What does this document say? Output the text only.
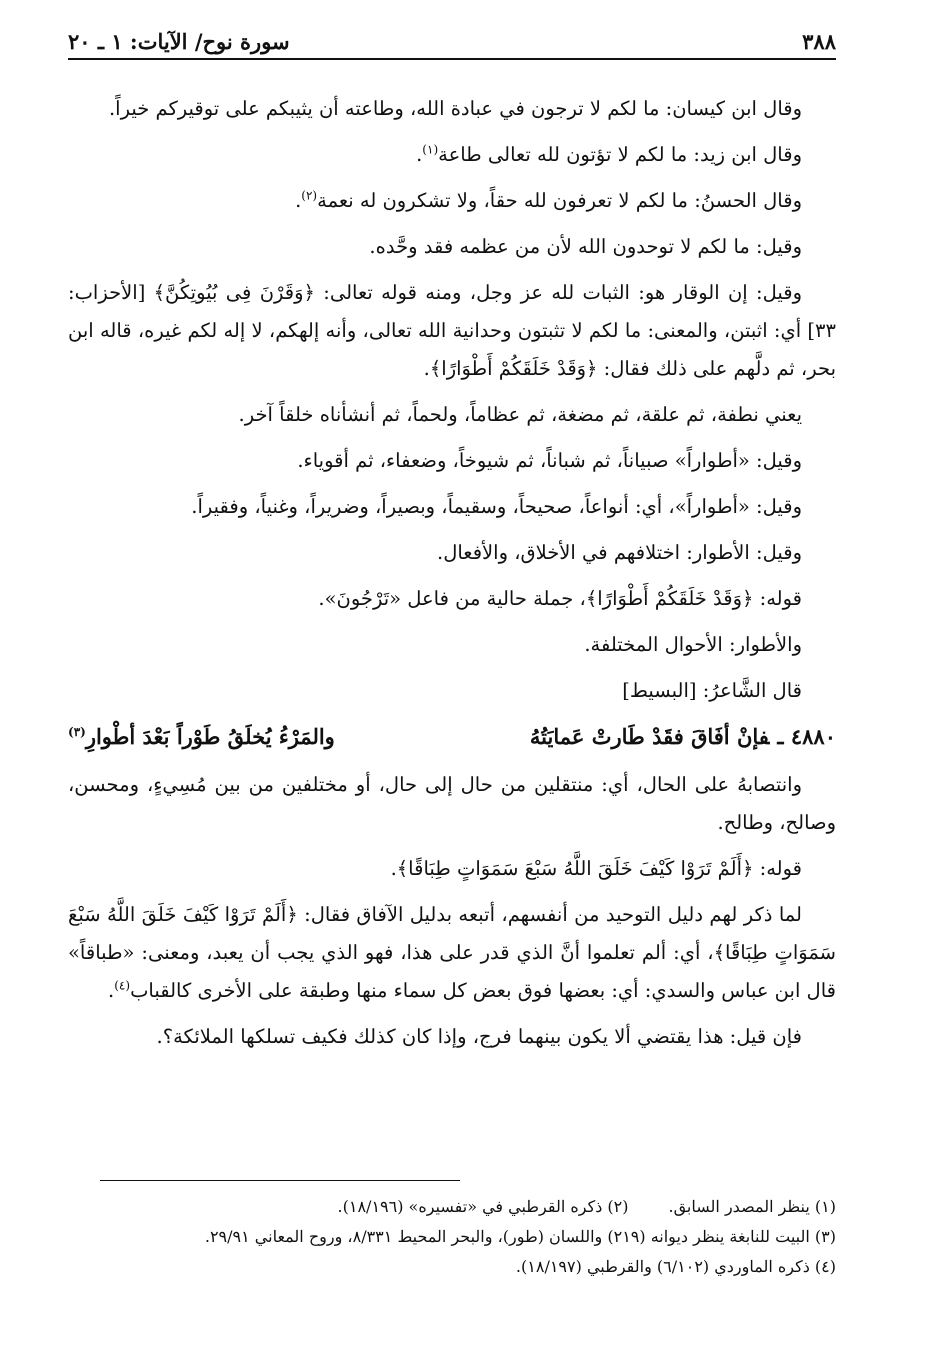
٣٨٨
سورة نوح/ الآيات: ١ ـ ٢٠

وقال ابن كيسان: ما لكم لا ترجون في عبادة الله، وطاعته أن يثيبكم على توقيركم خيراً.

وقال ابن زيد: ما لكم لا تؤتون لله تعالى طاعة$^{(١)}$.

وقال الحسنُ: ما لكم لا تعرفون لله حقاً، ولا تشكرون له نعمة$^{(٢)}$.

وقيل: ما لكم لا توحدون الله لأن من عظمه فقد وحَّده.

وقيل: إن الوقار هو: الثبات لله عز وجل، ومنه قوله تعالى: ﴿وَقَرْنَ فِى بُيُوتِكُنَّ﴾ [الأحزاب: ٣٣] أي: اثبتن، والمعنى: ما لكم لا تثبتون وحدانية الله تعالى، وأنه إلهكم، لا إله لكم غيره، قاله ابن بحر، ثم دلَّهم على ذلك فقال: ﴿وَقَدْ خَلَقَكُمْ أَطْوَارًا﴾.

يعني نطفة، ثم علقة، ثم مضغة، ثم عظاماً، ولحماً، ثم أنشأناه خلقاً آخر.

وقيل: «أطواراً» صبياناً، ثم شباناً، ثم شيوخاً، وضعفاء، ثم أقوياء.

وقيل: «أطواراً»، أي: أنواعاً، صحيحاً، وسقيماً، وبصيراً، وضريراً، وغنياً، وفقيراً.

وقيل: الأطوار: اختلافهم في الأخلاق، والأفعال.

قوله: ﴿وَقَدْ خَلَقَكُمْ أَطْوَارًا﴾، جملة حالية من فاعل «تَرْجُونَ».

والأطوار: الأحوال المختلفة.

قال الشَّاعرُ: [البسيط]

٤٨٨٠ ـفإنْ أفَاقَ فقَدْ طَارتْ عَمايَتُهُ
والمَرْءُ يُخلَقُ طَوْراً بَعْدَ أطْوارِ$^{(٣)}$

وانتصابهُ على الحال، أي: منتقلين من حال إلى حال، أو مختلفين من بين مُسِيءٍ، ومحسن، وصالح، وطالح.

قوله: ﴿أَلَمْ تَرَوْا كَيْفَ خَلَقَ اللَّهُ سَبْعَ سَمَوَاتٍ طِبَاقًا﴾.

لما ذكر لهم دليل التوحيد من أنفسهم، أتبعه بدليل الآفاق فقال: ﴿أَلَمْ تَرَوْا كَيْفَ خَلَقَ اللَّهُ سَبْعَ سَمَوَاتٍ طِبَاقًا﴾، أي: ألم تعلموا أنَّ الذي قدر على هذا، فهو الذي يجب أن يعبد، ومعنى: «طباقاً» قال ابن عباس والسدي: أي: بعضها فوق بعض كل سماء منها وطبقة على الأخرى كالقباب$^{(٤)}$.

فإن قيل: هذا يقتضي ألا يكون بينهما فرج، وإذا كان كذلك فكيف تسلكها الملائكة؟.

(١) ينظر المصدر السابق.
(٢) ذكره القرطبي في «تفسيره» (١٨/١٩٦).
(٣) البيت للنابغة ينظر ديوانه (٢١٩) واللسان (طور)، والبحر المحيط ٨/٣٣١، وروح المعاني ٢٩/٩١.
(٤) ذكره الماوردي (٦/١٠٢) والقرطبي (١٨/١٩٧).
